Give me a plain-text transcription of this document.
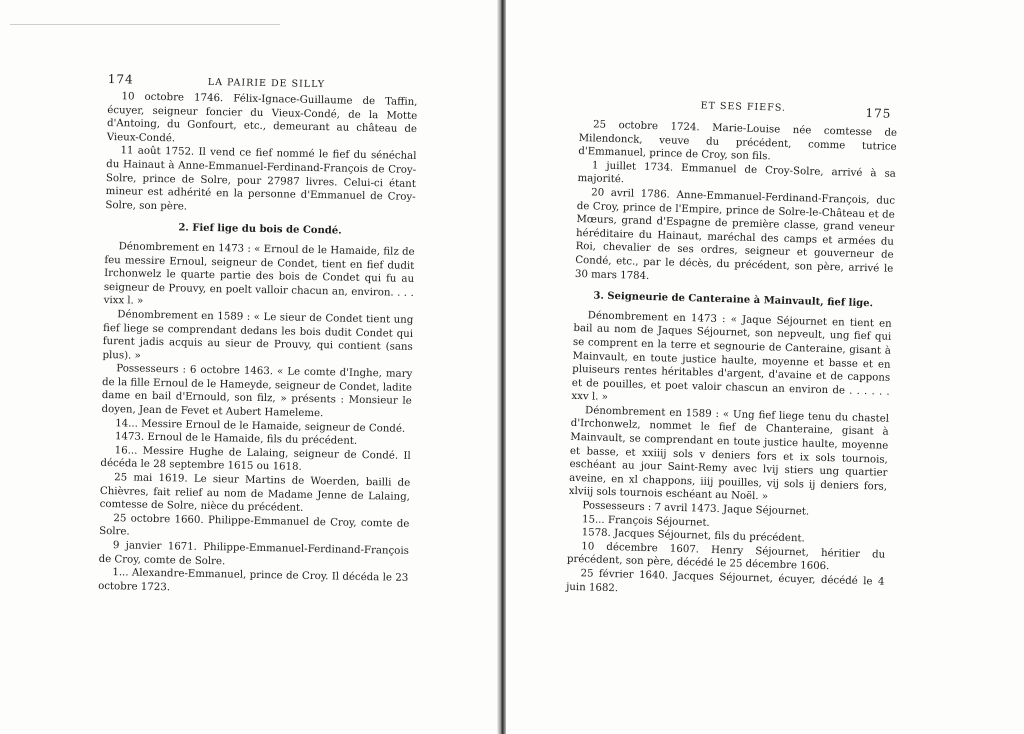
174	LA PAIRIE DE SILLY

10 octobre 1746. Félix-Ignace-Guillaume de Taffin, écuyer, seigneur foncier du Vieux-Condé, de la Motte d'Antoing, du Gonfourt, etc., demeurant au château de Vieux-Condé.

11 août 1752. Il vend ce fief nommé le fief du sénéchal du Hainaut à Anne-Emmanuel-Ferdinand-François de Croy-Solre, prince de Solre, pour 27987 livres. Celui-ci étant mineur est adhérité en la personne d'Emmanuel de Croy-Solre, son père.

2. Fief lige du bois de Condé.

Dénombrement en 1473 : « Ernoul de le Hamaide, filz de feu messire Ernoul, seigneur de Condet, tient en fief dudit Irchonwelz le quarte partie des bois de Condet qui fu au seigneur de Prouvy, en poelt valloir chacun an, environ. . . . vixx l. »

Dénombrement en 1589 : « Le sieur de Condet tient ung fief liege se comprendant dedans les bois dudit Condet qui furent jadis acquis au sieur de Prouvy, qui contient (sans plus). »

Possesseurs : 6 octobre 1463. « Le comte d'Inghe, mary de la fille Ernoul de le Hameyde, seigneur de Condet, ladite dame en bail d'Ernould, son filz, » présents : Monsieur le doyen, Jean de Fevet et Aubert Hameleme.

14... Messire Ernoul de le Hamaide, seigneur de Condé.

1473. Ernoul de le Hamaide, fils du précédent.

16... Messire Hughe de Lalaing, seigneur de Condé. Il décéda le 28 septembre 1615 ou 1618.

25 mai 1619. Le sieur Martins de Woerden, bailli de Chièvres, fait relief au nom de Madame Jenne de Lalaing, comtesse de Solre, nièce du précédent.

25 octobre 1660. Philippe-Emmanuel de Croy, comte de Solre.

9 janvier 1671. Philippe-Emmanuel-Ferdinand-François de Croy, comte de Solre.

1... Alexandre-Emmanuel, prince de Croy. Il décéda le 23 octobre 1723.

ET SES FIEFS.	175

25 octobre 1724. Marie-Louise née comtesse de Milendonck, veuve du précédent, comme tutrice d'Emmanuel, prince de Croy, son fils.

1 juillet 1734. Emmanuel de Croy-Solre, arrivé à sa majorité.

20 avril 1786. Anne-Emmanuel-Ferdinand-François, duc de Croy, prince de l'Empire, prince de Solre-le-Château et de Mœurs, grand d'Espagne de première classe, grand veneur héréditaire du Hainaut, maréchal des camps et armées du Roi, chevalier de ses ordres, seigneur et gouverneur de Condé, etc., par le décès, du précédent, son père, arrivé le 30 mars 1784.

3. Seigneurie de Canteraine à Mainvault, fief lige.

Dénombrement en 1473 : « Jaque Séjournet en tient en bail au nom de Jaques Séjournet, son nepveult, ung fief qui se comprent en la terre et segnourie de Canteraine, gisant à Mainvault, en toute justice haulte, moyenne et basse et en pluiseurs rentes héritables d'argent, d'avaine et de cappons et de pouilles, et poet valoir chascun an environ de . . . . . . xxv l. »

Dénombrement en 1589 : « Ung fief liege tenu du chastel d'Irchonwelz, nommet le fief de Chanteraine, gisant à Mainvault, se comprendant en toute justice haulte, moyenne et basse, et xxiiij sols v deniers fors et ix sols tournois, eschéant au jour Saint-Remy avec lvij stiers ung quartier aveine, en xl chappons, iiij pouilles, vij sols ij deniers fors, xlviij sols tournois eschéant au Noël. »

Possesseurs : 7 avril 1473. Jaque Séjournet.

15... François Séjournet.

1578. Jacques Séjournet, fils du précédent.

10 décembre 1607. Henry Séjournet, héritier du précédent, son père, décédé le 25 décembre 1606.

25 février 1640. Jacques Séjournet, écuyer, décédé le 4 juin 1682.
